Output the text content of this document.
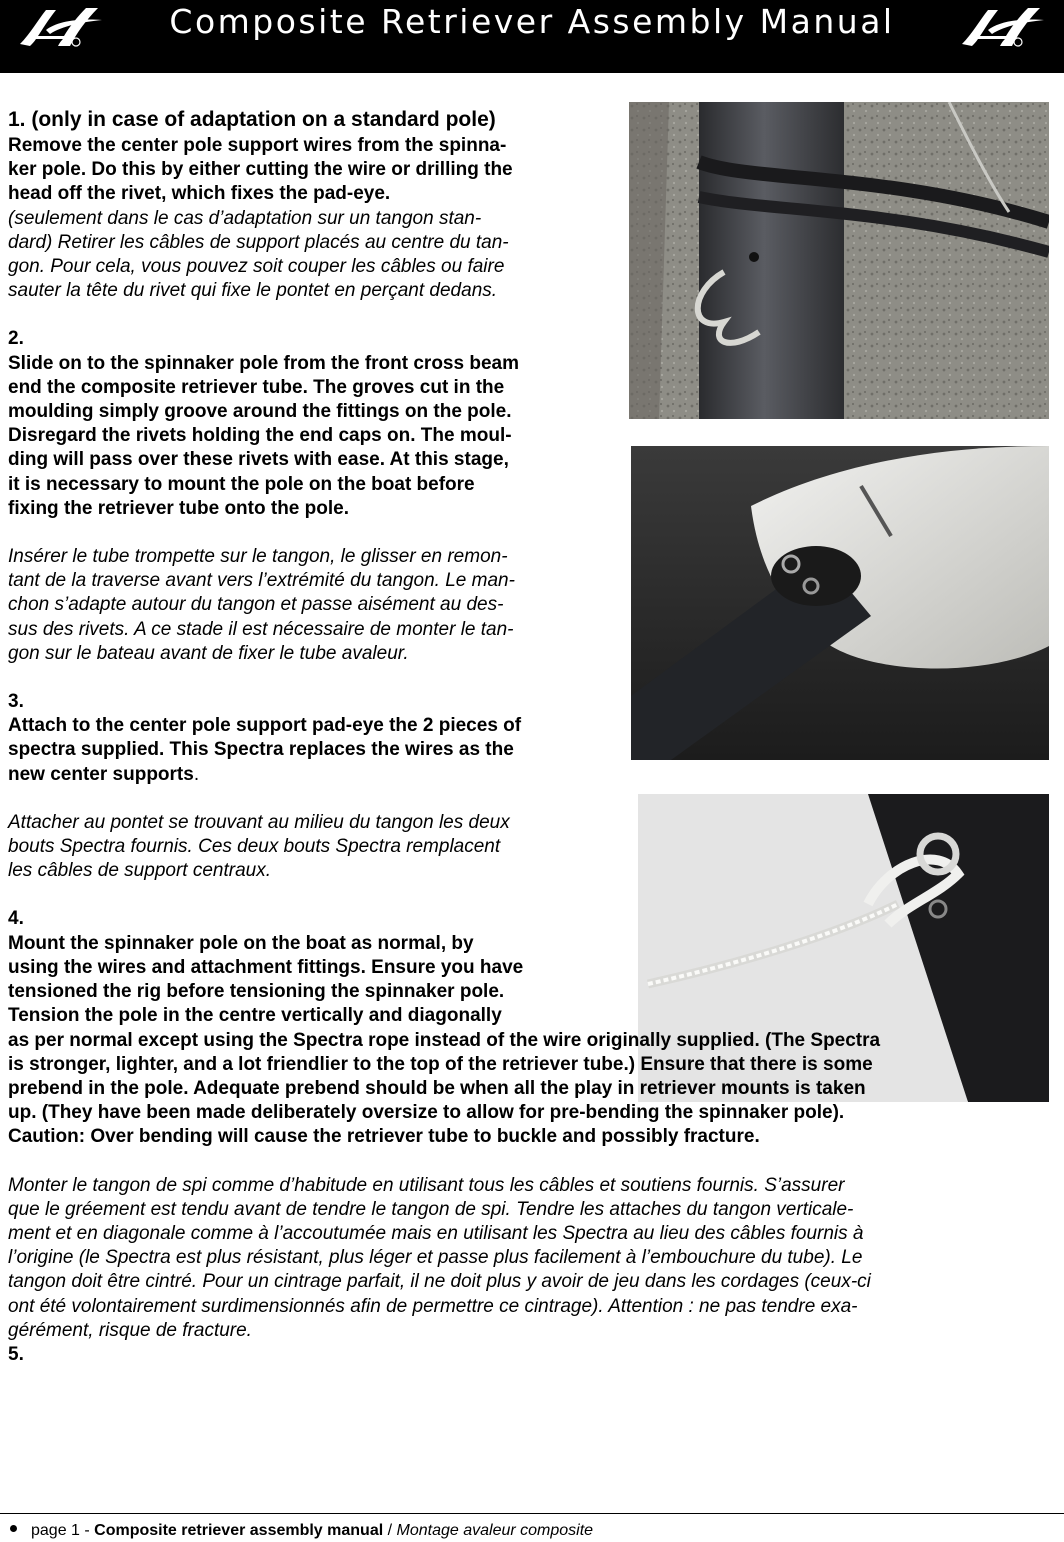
Composite Retriever Assembly Manual

1. (only in case of adaptation on a standard pole)

Remove the center pole support wires from the spinna-

ker pole. Do this by either cutting the wire or drilling the

head off the rivet, which fixes the pad-eye.

(seulement dans le cas d’adaptation sur un tangon stan-

dard) Retirer les câbles de support placés au centre du tan-

gon. Pour cela, vous pouvez soit couper les câbles ou faire

sauter la tête du rivet qui fixe le pontet en perçant dedans.

2.

Slide on to the spinnaker pole from the front cross beam

end the composite retriever tube. The groves cut in the

moulding simply groove around the fittings on the pole.

Disregard the rivets holding the end caps on. The moul-

ding will pass over these rivets with ease. At this stage,

it is necessary to mount the pole on the boat before

fixing the retriever tube onto the pole.

Insérer le tube trompette sur le tangon, le glisser en remon-

tant de la traverse avant vers l’extrémité du tangon. Le man-

chon s’adapte autour du tangon et passe aisément au des-

sus des rivets. A ce stade il est nécessaire de monter le tan-

gon sur le bateau avant de fixer le tube avaleur.

3.

Attach to the center pole support pad-eye the 2 pieces of

spectra supplied. This Spectra replaces the wires as the

new center supports.

Attacher au pontet se trouvant au milieu du tangon les deux

bouts Spectra fournis. Ces deux bouts Spectra remplacent

les câbles de support centraux.

4.

Mount the spinnaker pole on the boat as normal, by

using the wires and attachment fittings. Ensure you have

tensioned the rig before tensioning the spinnaker pole.

Tension the pole in the centre vertically and diagonally

as per normal except using the Spectra rope instead of the wire originally supplied. (The Spectra

is stronger, lighter, and a lot friendlier to the top of the retriever tube.) Ensure that there is some

prebend in the pole. Adequate prebend should be when all the play in retriever mounts is taken

up. (They have been made deliberately oversize to allow for pre-bending the spinnaker pole).

Caution: Over bending will cause the retriever tube to buckle and possibly fracture.

Monter le tangon de spi comme d’habitude en utilisant tous les câbles et soutiens fournis. S’assurer

que le gréement est tendu avant de tendre le tangon de spi. Tendre les attaches du tangon verticale-

ment et en diagonale comme à l’accoutumée mais en utilisant les Spectra au lieu des câbles fournis à

l’origine (le Spectra est plus résistant, plus léger et passe plus facilement à l’embouchure du tube). Le

tangon doit être cintré. Pour un cintrage parfait, il ne doit plus y avoir de jeu dans les cordages (ceux-ci

ont été volontairement surdimensionnés afin de permettre ce cintrage). Attention : ne pas tendre exa-

gérément, risque de fracture.

5.

page 1 - Composite retriever assembly manual / Montage avaleur composite
